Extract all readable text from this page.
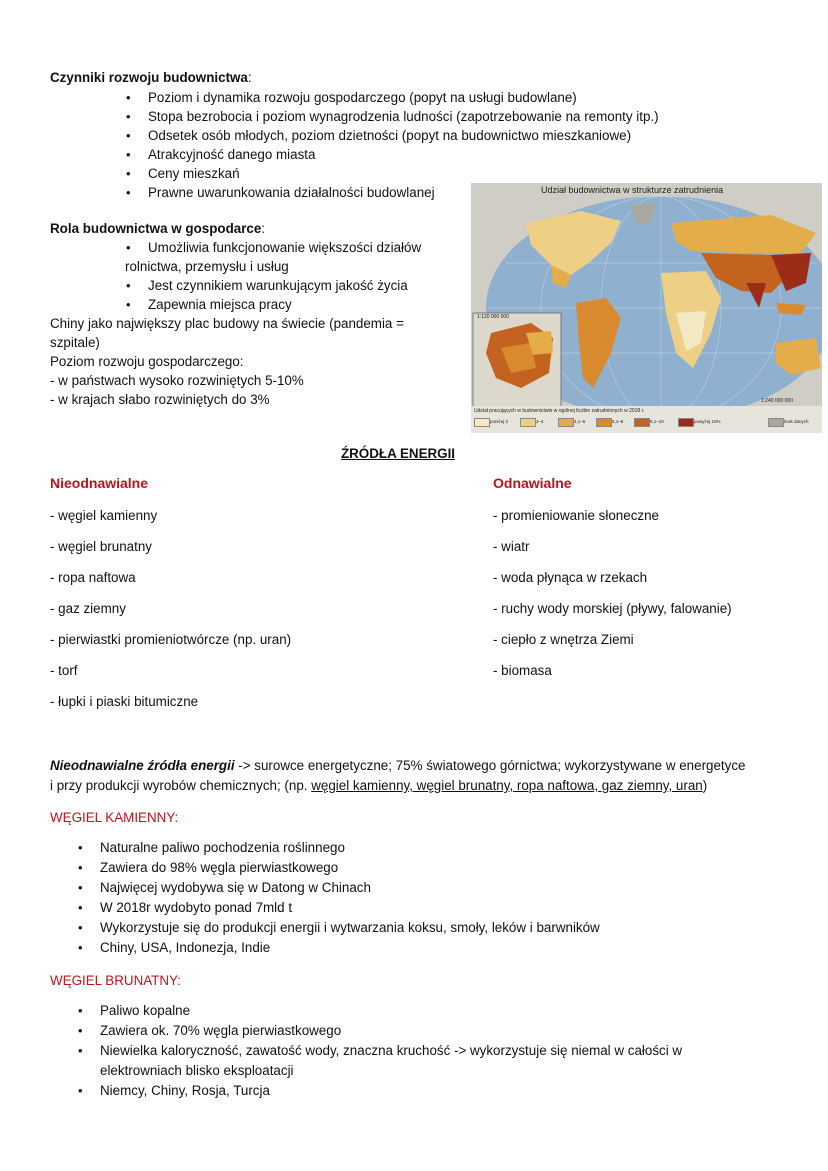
Czynniki rozwoju budownictwa:
• Poziom i dynamika rozwoju gospodarczego (popyt na usługi budowlane)
• Stopa bezrobocia i poziom wynagrodzenia ludności (zapotrzebowanie na remonty itp.)
• Odsetek osób młodych, poziom dzietności (popyt na budownictwo mieszkaniowe)
• Atrakcyjność danego miasta
• Ceny mieszkań
• Prawne uwarunkowania działalności budowlanej
Rola budownictwa w gospodarce:
• Umożliwia funkcjonowanie większości działów
rolnictwa, przemysłu i usług
• Jest czynnikiem warunkującym jakość życia
• Zapewnia miejsca pracy
Chiny jako największy plac budowy na świecie (pandemia =
szpitale)
Poziom rozwoju gospodarczego:
- w państwach wysoko rozwiniętych 5-10%
- w krajach słabo rozwiniętych do 3%
Udział budownictwa w strukturze zatrudnienia
1:120 000 000
1:240 000 000
Udział pracujących w budownictwie w ogólnej liczbie zatrudnionych w 2018 r.
poniżej 2	2–4	4,1–6	6,1–8	8,1–10	powyżej 10%	brak danych
ŹRÓDŁA ENERGII
Nieodnawialne	Odnawialne
- węgiel kamienny
- węgiel brunatny
- ropa naftowa
- gaz ziemny
- pierwiastki promieniotwórcze (np. uran)
- torf
- łupki i piaski bitumiczne
- promieniowanie słoneczne
- wiatr
- woda płynąca w rzekach
- ruchy wody morskiej (pływy, falowanie)
- ciepło z wnętrza Ziemi
- biomasa
Nieodnawialne źródła energii -> surowce energetyczne; 75% światowego górnictwa; wykorzystywane w energetyce
i przy produkcji wyrobów chemicznych; (np. węgiel kamienny, węgiel brunatny, ropa naftowa, gaz ziemny, uran)
WĘGIEL KAMIENNY:
• Naturalne paliwo pochodzenia roślinnego
• Zawiera do 98% węgla pierwiastkowego
• Najwięcej wydobywa się w Datong w Chinach
• W 2018r wydobyto ponad 7mld t
• Wykorzystuje się do produkcji energii i wytwarzania koksu, smoły, leków i barwników
• Chiny, USA, Indonezja, Indie
WĘGIEL BRUNATNY:
• Paliwo kopalne
• Zawiera ok. 70% węgla pierwiastkowego
• Niewielka kaloryczność, zawatość wody, znaczna kruchość -> wykorzystuje się niemal w całości w
elektrowniach blisko eksploatacji
• Niemcy, Chiny, Rosja, Turcja
